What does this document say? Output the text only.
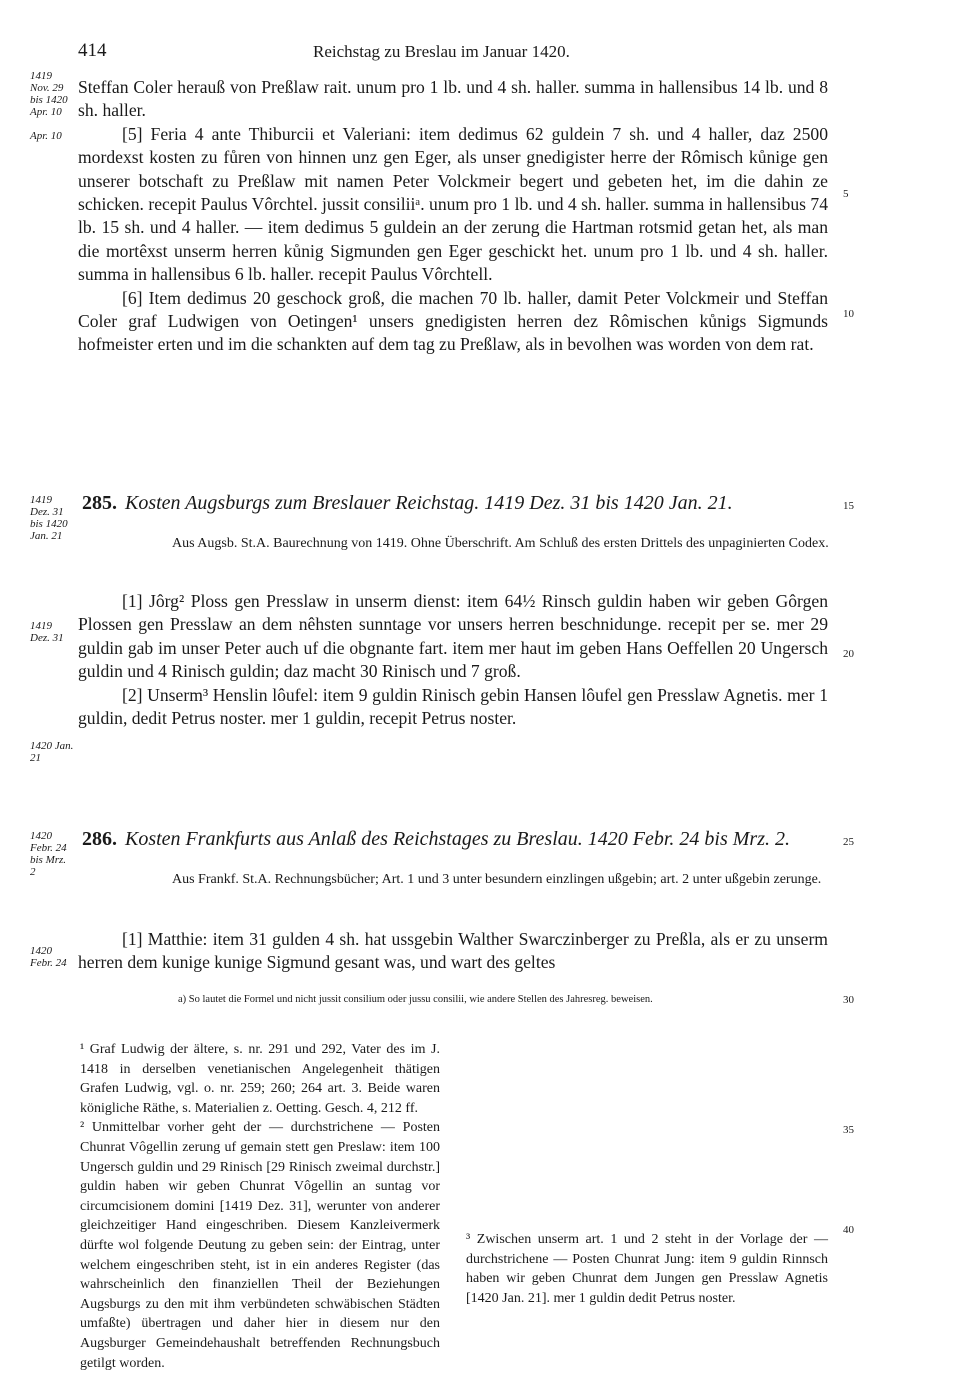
414	Reichstag zu Breslau im Januar 1420.
1419 Nov. 29 bis 1420 Apr. 10
Apr. 10
1419 Dez. 31 bis 1420 Jan. 21
1419 Dez. 31
1420 Jan. 21
1420 Febr. 24 bis Mrz. 2
1420 Febr. 24
5
10
15
20
25
30
35
40

Steffan Coler herauß von Preßlaw rait. unum pro 1 lb. und 4 sh. haller. summa in hallensibus 14 lb. und 8 sh. haller.

[5] Feria 4 ante Thiburcii et Valeriani: item dedimus 62 guldein 7 sh. und 4 haller, daz 2500 mordexst kosten zu fůren von hinnen unz gen Eger, als unser gnedigister herre der Rômisch kůnige gen unserer botschaft zu Preßlaw mit namen Peter Volckmeir begert und gebeten het, im die dahin ze schicken. recepit Paulus Vôrchtel. jussit consiliiᵃ. unum pro 1 lb. und 4 sh. haller. summa in hallensibus 74 lb. 15 sh. und 4 haller. — item dedimus 5 guldein an der zerung die Hartman rotsmid getan het, als man die mortêxst unserm herren kůnig Sigmunden gen Eger geschickt het. unum pro 1 lb. und 4 sh. haller. summa in hallensibus 6 lb. haller. recepit Paulus Vôrchtell.

[6] Item dedimus 20 geschock groß, die machen 70 lb. haller, damit Peter Volckmeir und Steffan Coler graf Ludwigen von Oetingen¹ unsers gnedigisten herren dez Rômischen kůnigs Sigmunds hofmeister erten und im die schankten auf dem tag zu Preßlaw, als in bevolhen was worden von dem rat.

285. Kosten Augsburgs zum Breslauer Reichstag. 1419 Dez. 31 bis 1420 Jan. 21.
Aus Augsb. St.A. Baurechnung von 1419. Ohne Überschrift. Am Schluß des ersten Drittels des unpaginierten Codex.

[1] Jôrg² Ploss gen Presslaw in unserm dienst: item 64½ Rinsch guldin haben wir geben Gôrgen Plossen gen Presslaw an dem nêhsten sunntage vor unsers herren beschnidunge. recepit per se. mer 29 guldin gab im unser Peter auch uf die obgnante fart. item mer haut im geben Hans Oeffellen 20 Ungersch guldin und 4 Rinisch guldin; daz macht 30 Rinisch und 7 groß.

[2] Unserm³ Henslin lôufel: item 9 guldin Rinisch gebin Hansen lôufel gen Presslaw Agnetis. mer 1 guldin, dedit Petrus noster. mer 1 guldin, recepit Petrus noster.

286. Kosten Frankfurts aus Anlaß des Reichstages zu Breslau. 1420 Febr. 24 bis Mrz. 2.
Aus Frankf. St.A. Rechnungsbücher; Art. 1 und 3 unter besundern einzlingen ußgebin; art. 2 unter ußgebin zerunge.

[1] Matthie: item 31 gulden 4 sh. hat ussgebin Walther Swarczinberger zu Preßla, als er zu unserm herren dem kunige kunige Sigmund gesant was, und wart des geltes

a) So lautet die Formel und nicht jussit consilium oder jussu consilii, wie andere Stellen des Jahresreg. beweisen.

¹ Graf Ludwig der ältere, s. nr. 291 und 292, Vater des im J. 1418 in derselben venetianischen Angelegenheit thätigen Grafen Ludwig, vgl. o. nr. 259; 260; 264 art. 3. Beide waren königliche Räthe, s. Materialien z. Oetting. Gesch. 4, 212 ff.

² Unmittelbar vorher geht der — durchstrichene — Posten Chunrat Vôgellin zerung uf gemain stett gen Preslaw: item 100 Ungersch guldin und 29 Rinisch [29 Rinisch zweimal durchstr.] guldin haben wir geben Chunrat Vôgellin an suntag vor circumcisionem domini [1419 Dez. 31], werunter von anderer gleichzeitiger Hand eingeschriben. Diesem Kanzleivermerk dürfte wol folgende Deutung zu geben sein: der Eintrag, unter welchem eingeschriben steht, ist in ein anderes Register (das wahrscheinlich den finanziellen Theil der Beziehungen Augsburgs zu den mit ihm verbündeten schwäbischen Städten umfaßte) übertragen und daher hier in diesem nur den Augsburger Gemeindehaushalt betreffenden Rechnungsbuch getilgt worden.

³ Zwischen unserm art. 1 und 2 steht in der Vorlage der — durchstrichene — Posten Chunrat Jung: item 9 guldin Rinnsch haben wir geben Chunrat dem Jungen gen Presslaw Agnetis [1420 Jan. 21]. mer 1 guldin dedit Petrus noster.
